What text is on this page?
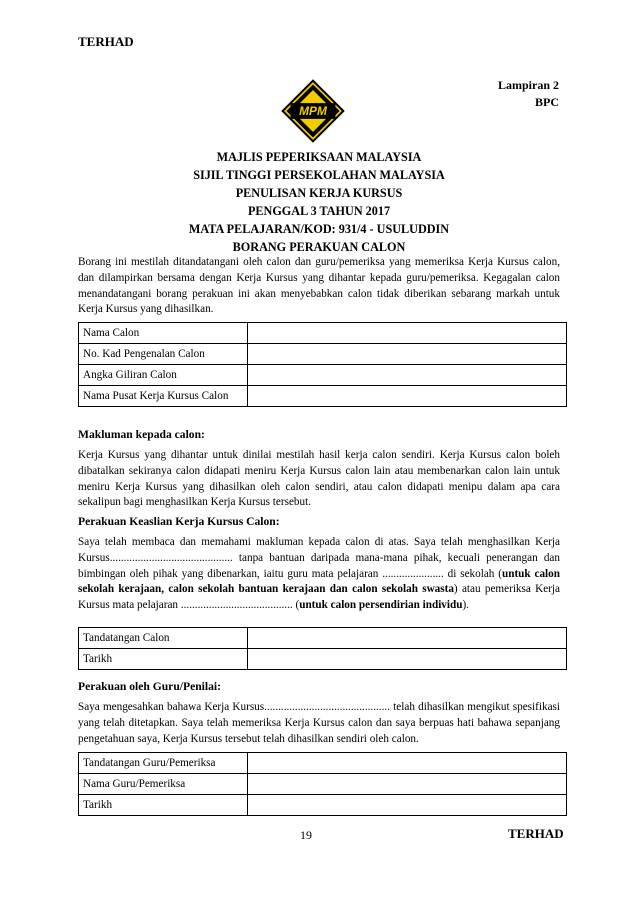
TERHAD
Lampiran 2
BPC
MPM
MAJLIS PEPERIKSAAN MALAYSIA
SIJIL TINGGI PERSEKOLAHAN MALAYSIA
PENULISAN KERJA KURSUS
PENGGAL 3 TAHUN 2017
MATA PELAJARAN/KOD: 931/4 - USULUDDIN
BORANG PERAKUAN CALON
Borang ini mestilah ditandatangani oleh calon dan guru/pemeriksa yang memeriksa Kerja Kursus calon, dan dilampirkan bersama dengan Kerja Kursus yang dihantar kepada guru/pemeriksa. Kegagalan calon menandatangani borang perakuan ini akan menyebabkan calon tidak diberikan sebarang markah untuk Kerja Kursus yang dihasilkan.
Nama Calon	
No. Kad Pengenalan Calon	
Angka Giliran Calon	
Nama Pusat Kerja Kursus Calon	
Makluman kepada calon:
Kerja Kursus yang dihantar untuk dinilai mestilah hasil kerja calon sendiri. Kerja Kursus calon boleh dibatalkan sekiranya calon didapati meniru Kerja Kursus calon lain atau membenarkan calon lain untuk meniru Kerja Kursus yang dihasilkan oleh calon sendiri, atau calon didapati menipu dalam apa cara sekalipun bagi menghasilkan Kerja Kursus tersebut.
Perakuan Keaslian Kerja Kursus Calon:
Saya telah membaca dan memahami makluman kepada calon di atas. Saya telah menghasilkan Kerja Kursus............................................ tanpa bantuan daripada mana-mana pihak, kecuali penerangan dan bimbingan oleh pihak yang dibenarkan, iaitu guru mata pelajaran ...................... di sekolah (untuk calon sekolah kerajaan, calon sekolah bantuan kerajaan dan calon sekolah swasta) atau pemeriksa Kerja Kursus mata pelajaran ........................................ (untuk calon persendirian individu).
Tandatangan Calon	
Tarikh	
Perakuan oleh Guru/Penilai:
Saya mengesahkan bahawa Kerja Kursus............................................. telah dihasilkan mengikut spesifikasi yang telah ditetapkan. Saya telah memeriksa Kerja Kursus calon dan saya berpuas hati bahawa sepanjang pengetahuan saya, Kerja Kursus tersebut telah dihasilkan sendiri oleh calon.
Tandatangan Guru/Pemeriksa	
Nama Guru/Pemeriksa	
Tarikh	
19	TERHAD
